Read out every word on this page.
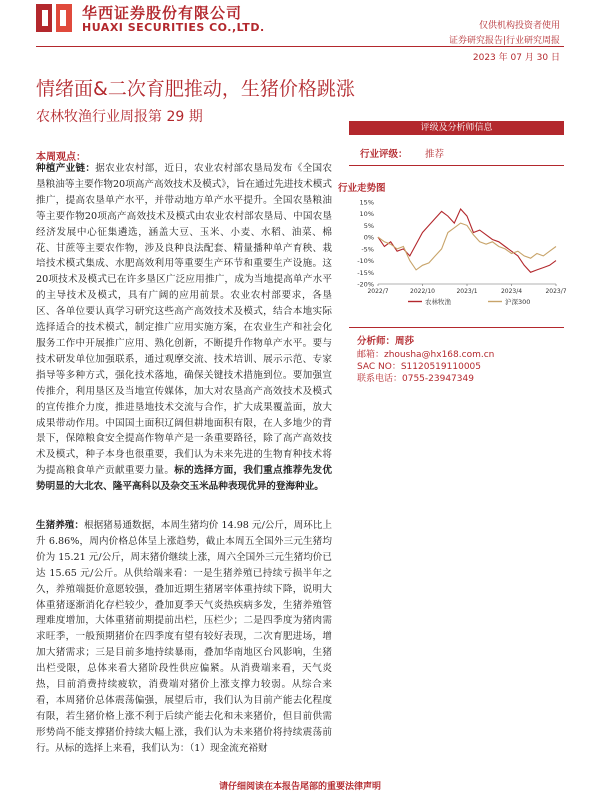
华西证券股份有限公司
HUAXI SECURITIES CO.,LTD.	仅供机构投资者使用
证券研究报告|行业研究周报
2023 年 07 月 30 日
情绪面&二次育肥推动，生猪价格跳涨
农林牧渔行业周报第 29 期
本周观点：
种植产业链：据农业农村部，近日，农业农村部农垦局发布《全国农垦粮油等主要作物20项高产高效技术及模式》，旨在通过先进技术模式推广，提高农垦单产水平，并带动地方单产水平提升。全国农垦粮油等主要作物20项高产高效技术及模式由农业农村部农垦局、中国农垦经济发展中心征集遴选，涵盖大豆、玉米、小麦、水稻、油菜、棉花、甘蔗等主要农作物，涉及良种良法配套、精量播种单产育秧、栽培技术模式集成、水肥高效利用等重要生产环节和重要生产设施。这20项技术及模式已在许多垦区广泛应用推广，成为当地提高单产水平的主导技术及模式，具有广阔的应用前景。农业农村部要求，各垦区、各单位要认真学习研究这些高产高效技术及模式，结合本地实际选择适合的技术模式，制定推广应用实施方案，在农业生产和社会化服务工作中开展推广应用、熟化创新，不断提升作物单产水平。要与技术研发单位加强联系，通过观摩交流、技术培训、展示示范、专家指导等多种方式，强化技术落地，确保关键技术措施到位。要加强宣传推介，利用垦区及当地宣传媒体，加大对农垦高产高效技术及模式的宣传推介力度，推进垦地技术交流与合作，扩大成果覆盖面，放大成果带动作用。中国国土面积辽阔但耕地面积有限，在人多地少的背景下，保障粮食安全提高作物单产是一条重要路径，除了高产高效技术及模式，种子本身也很重要，我们认为未来先进的生物育种技术将为提高粮食单产贡献重要力量。标的选择方面，我们重点推荐先发优势明显的大北农、隆平高科以及杂交玉米品种表现优异的登海种业。
生猪养殖：根据猪易通数据，本周生猪均价 14.98 元/公斤，周环比上升 6.86%，周内价格总体呈上涨趋势，截止本周五全国外三元生猪均价为 15.21 元/公斤，周末猪价继续上涨，周六全国外三元生猪均价已达 15.65 元/公斤。从供给端来看：一是生猪养殖已持续亏损半年之久，养殖端挺价意愿较强，叠加近期生猪屠宰体重持续下降，说明大体重猪逐渐消化存栏较少，叠加夏季天气炎热疾病多发，生猪养殖管理难度增加，大体重猪前期提前出栏，压栏少；二是四季度为猪肉需求旺季，一般预期猪价在四季度有望有较好表现，二次育肥进场，增加大猪需求；三是目前多地持续暴雨，叠加华南地区台风影响，生猪出栏受限，总体来看大猪阶段性供应偏紧。从消费端来看，天气炎热，目前消费持续疲软，消费端对猪价上涨支撑力较弱。从综合来看，本周猪价总体震荡偏强，展望后市，我们认为目前产能去化程度有限，若生猪价格上涨不利于后续产能去化和未来猪价，但目前供需形势尚不能支撑猪价持续大幅上涨，我们认为未来猪价将持续震荡前行。从标的选择上来看，我们认为：（1）现金流充裕财
评级及分析师信息
行业评级： 推荐
行业走势图
15%
10%
5%
0%
-5%
-10%
-15%
-20%
2022/7	2022/10	2023/1	2023/4	2023/7
农林牧渔	沪深300
分析师：周莎
邮箱：zhousha@hx168.com.cn
SAC NO：S1120519110005
联系电话：0755-23947349
请仔细阅读在本报告尾部的重要法律声明
